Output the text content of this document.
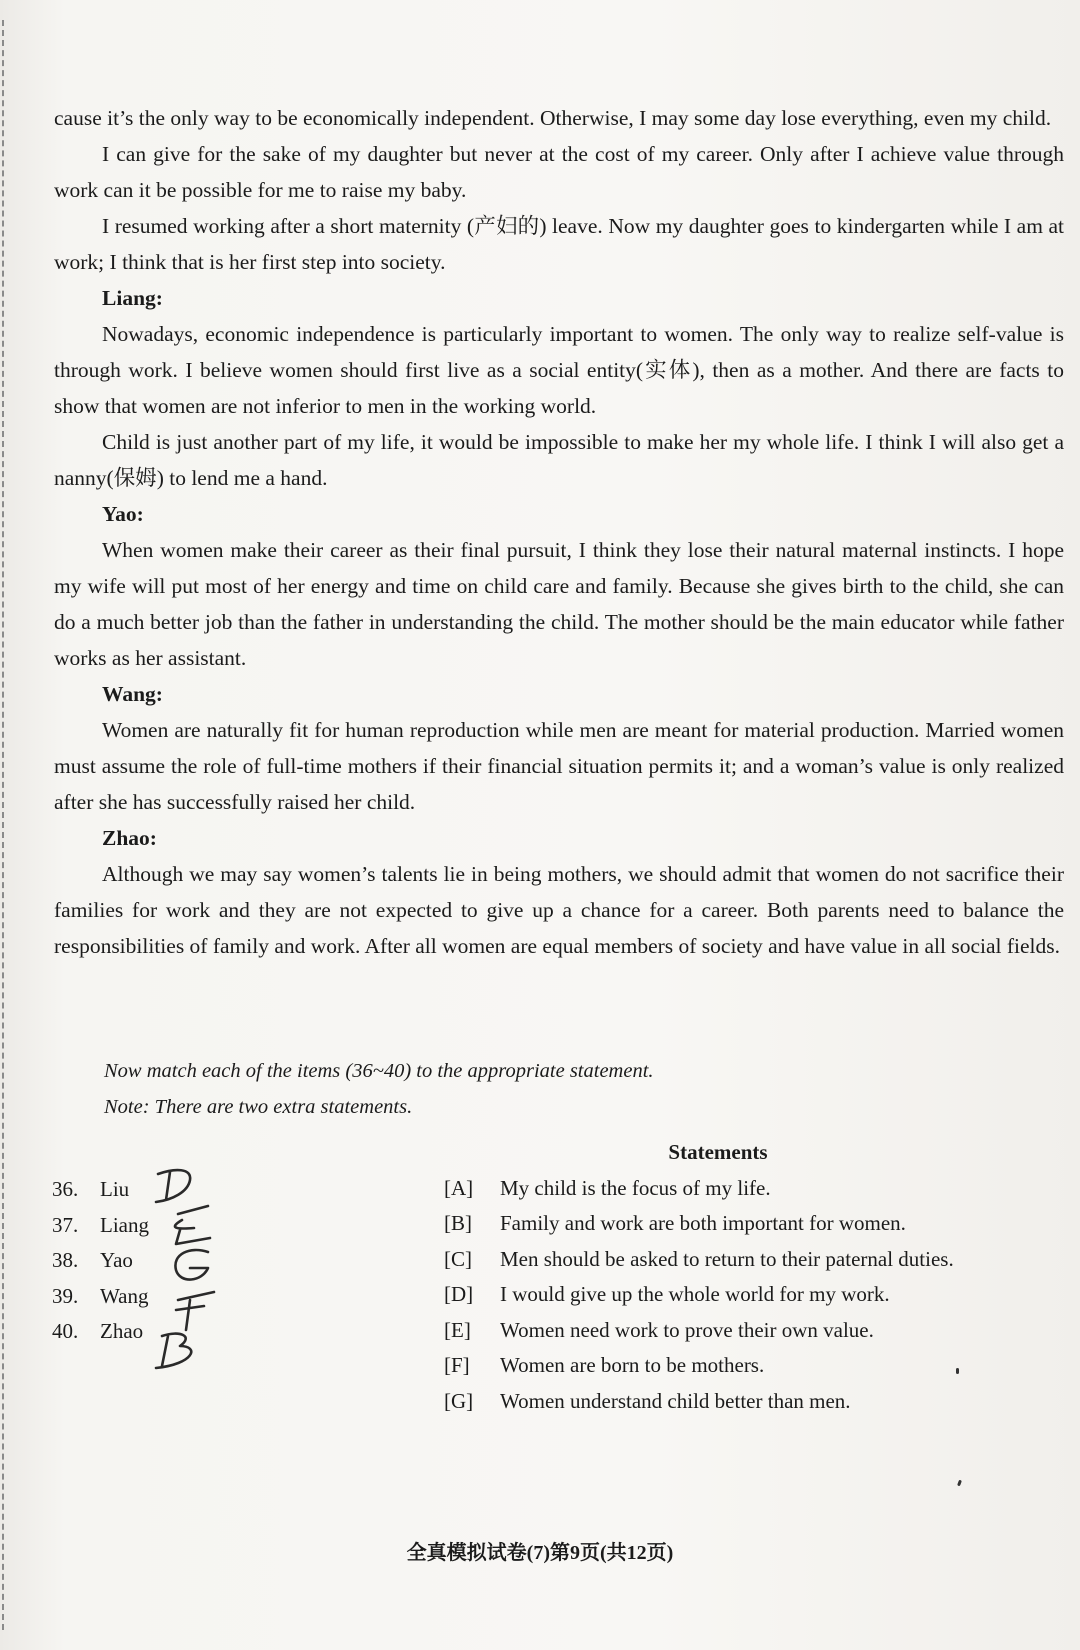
cause it’s the only way to be economically independent. Otherwise, I may some day lose everything, even my child.

I can give for the sake of my daughter but never at the cost of my career. Only after I achieve value through work can it be possible for me to raise my baby.

I resumed working after a short maternity (产妇的) leave. Now my daughter goes to kindergarten while I am at work; I think that is her first step into society.

Liang:

Nowadays, economic independence is particularly important to women. The only way to realize self-value is through work. I believe women should first live as a social entity(实体), then as a mother. And there are facts to show that women are not inferior to men in the working world.

Child is just another part of my life, it would be impossible to make her my whole life. I think I will also get a nanny(保姆) to lend me a hand.

Yao:

When women make their career as their final pursuit, I think they lose their natural maternal instincts. I hope my wife will put most of her energy and time on child care and family. Because she gives birth to the child, she can do a much better job than the father in understanding the child. The mother should be the main educator while father works as her assistant.

Wang:

Women are naturally fit for human reproduction while men are meant for material production. Married women must assume the role of full-time mothers if their financial situation permits it; and a woman’s value is only realized after she has successfully raised her child.

Zhao:

Although we may say women’s talents lie in being mothers, we should admit that women do not sacrifice their families for work and they are not expected to give up a chance for a career. Both parents need to balance the responsibilities of family and work. After all women are equal members of society and have value in all social fields.

Now match each of the items (36~40) to the appropriate statement.

Note: There are two extra statements.

36.	Liu
37.	Liang
38.	Yao
39.	Wang
40.	Zhao
Statements
[A]	My child is the focus of my life.
[B]	Family and work are both important for women.
[C]	Men should be asked to return to their paternal duties.
[D]	I would give up the whole world for my work.
[E]	Women need work to prove their own value.
[F]	Women are born to be mothers.
[G]	Women understand child better than men.
全真模拟试卷(7)第9页(共12页)
